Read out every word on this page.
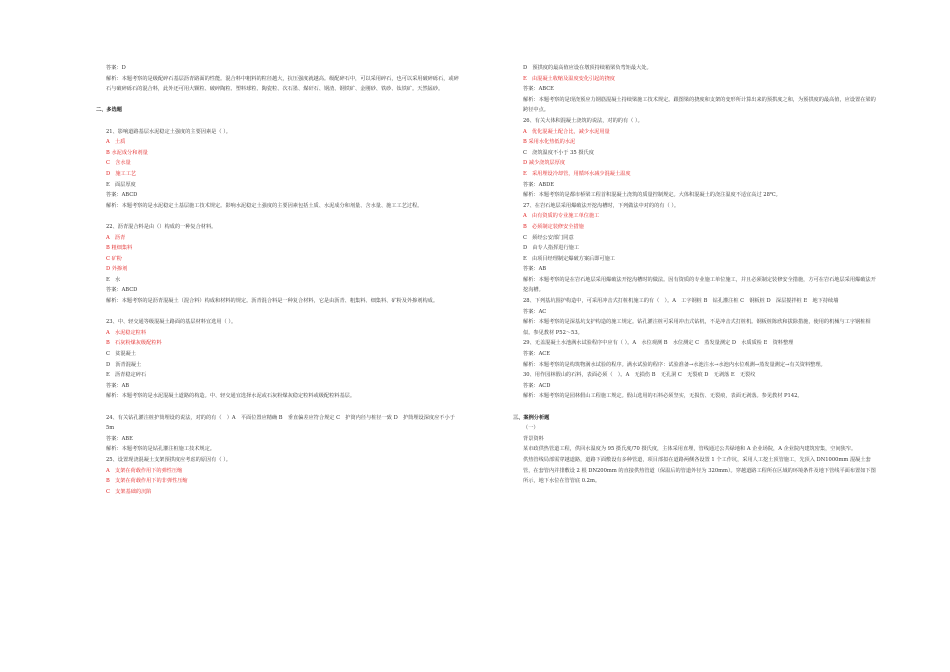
答案：D
解析：本题考察的是级配碎石基层沥青路面的性能。混合料中粗料的粒径越大，抗压强度就越高。级配碎石中，可以采用碎石，也可以采用破碎砾石，或碎石与破碎砾石的混合料，此外还可用大颗粒、破碎陶粒、塑料球粒、陶瓷粒、次石墨、煤矸石、钢渣、钢铁矿、金刚砂、铁砂、钛铁矿。天然锰砂。
二、多选题
21、影响道路基层水泥稳定土强度的主要因素是（ ）。
A　土质
B 水泥成分和剂量
C　含水量
D　施工工艺
E　面层厚度
答案：ABCD
解析：本题考察的是水泥稳定土基层施工技术规定。影响水泥稳定土强度的主要因素包括土质、水泥成分和剂量、含水量、施工工艺过程。
22、沥青混合料是由（）构成的一种复合材料。
A　沥青
B 粗细集料
C 矿粉
D 外掺剂
E　水
答案：ABCD
解析：本题考察的是沥青混凝土（混合料）构成和材料的规定。沥青混合料是一种复合材料，它是由沥青、粗集料、细集料、矿粉及外掺剂构成。
23、中、轻交通等级混凝土路面的基层材料宜选用（ ）。
A　水泥稳定粒料
B　石灰粉煤灰级配粒料
C　贫混凝土
D　沥青混凝土
E　沥青稳定碎石
答案：AB
解析：本题考察的是水泥混凝土道路的构造。中、轻交通宜选择水泥或石灰粉煤灰稳定粒料或级配粒料基层。
24、有关钻孔灌注桩护筒埋设的说法，对的的有（　）A　平面位置应精确 B　垂直偏差应符合规定 C　护筒内径与桩径一致 D　护筒埋设深度应不小于 5m
答案：ABE
解析：本题考察的是钻孔灌注桩施工技术规定。
25、设置现浇混凝土支架预拱度应考虑的原因有（ ）。
A　支架在荷载作用下的弹性压缩
B　支架在荷载作用下的非弹性压缩
C　支架基础的沉陷
D　预拱度的最高值应设在墩顶持续箱梁负弯矩最大处。
E　由混凝土收缩及温度变化引起的挠度
答案：ABCE
解析：本题考察的是现浇预应力钢筋混凝土持续梁施工技术规定。跟图梁的挠度和支架的变形所计算出来的预拱度之和，为预拱度的最高值，应设置在梁的跨径中点。
26、有关大体积混凝土浇筑的说法，对的的有（ ）。
A　优化混凝土配合比，减少水泥用量
B 采用水化热低的水泥
C　浇筑温度不小于 35 摄氏度
D 减少浇筑层厚度
E　采用埋设冷却管，用循环水减少混凝土温度
答案：ABDE
解析：本题考察的是都市桥梁工程首积混凝土浇筑的质量控制规定。大体积混凝土的浇注温度不适宜高过 28℃。
27、在岩石地层采用爆破法开挖沟槽时，下列做法中对的的有（ ）。
A　由有资质的专业施工单位施工
B　必须制定装修安全措施
C　须经公安部门同意
D　由专人指挥进行施工
E　由项目经理制定爆破方案后即可施工
答案：AB
解析：本题考察的是在岩石地层采用爆破法开挖沟槽时的做法。因有资质的专业施工单位施工，并且必须制定装修安全措施，方可在岩石地层采用爆破法开挖沟槽。
28、下列基坑围护构造中，可采用冲击式打桩机施工的有（　）。A　工字钢桩 B　钻孔灌注桩 C　钢板桩 D　深层搅拌桩 E　地下持续墙
答案：AC
解析：本题考察的是深基坑支护构造的施工规定。钻孔灌注桩可采用冲击式钻机，不是冲击式打桩机。钢板桩陈欣和拔除措施，使用的机械与工字钢桩相似。参见教材 P52～53。
29、无盖混凝土水池满水试验程序中应有（ ）。A　水位观测 B　水位测定 C　蒸发量测定 D　水质质检 E　资料整理
答案：ACE
解析：本题考察的是构筑物满水试验的程序。满水试验的程序：试验准备→水池注水→水池内水位观测→蒸发量测定→有关资料整理。
30、用作园林假山的石料，表面必须（　）。A　无损伤 B　无孔洞 C　无裂痕 D　无剥落 E　无裂纹
答案：ACD
解析：本题考察的是园林假山工程施工规定。假山选用的石料必须坚实，无损伤、无裂痕，表面无剥落。参见教材 P142。
三、案例分析题
（一）
背景资料
某市政供热管道工程，供回水温度为 95 摄氏度/70 摄氏度，主体采用直埋，管线通过公共绿地和 A 企业场院，A 企业院内建筑密集，空间狭窄。
供热管线局部需穿越道路，道路下面敷设有多种管道，项目部拟在道路两侧各设置 1 个工作坑，采用人工挖土顶管施工，先顶入 DN1000mm 混凝土套管，在套管内并排敷设 2 根 DN200mm 的直接供热管道（保温后的管道外径为 320mm）。穿越道路工程所在区域的环境条件及地下管线平面布置如下图所示，地下水位在管管底 0.2m。
